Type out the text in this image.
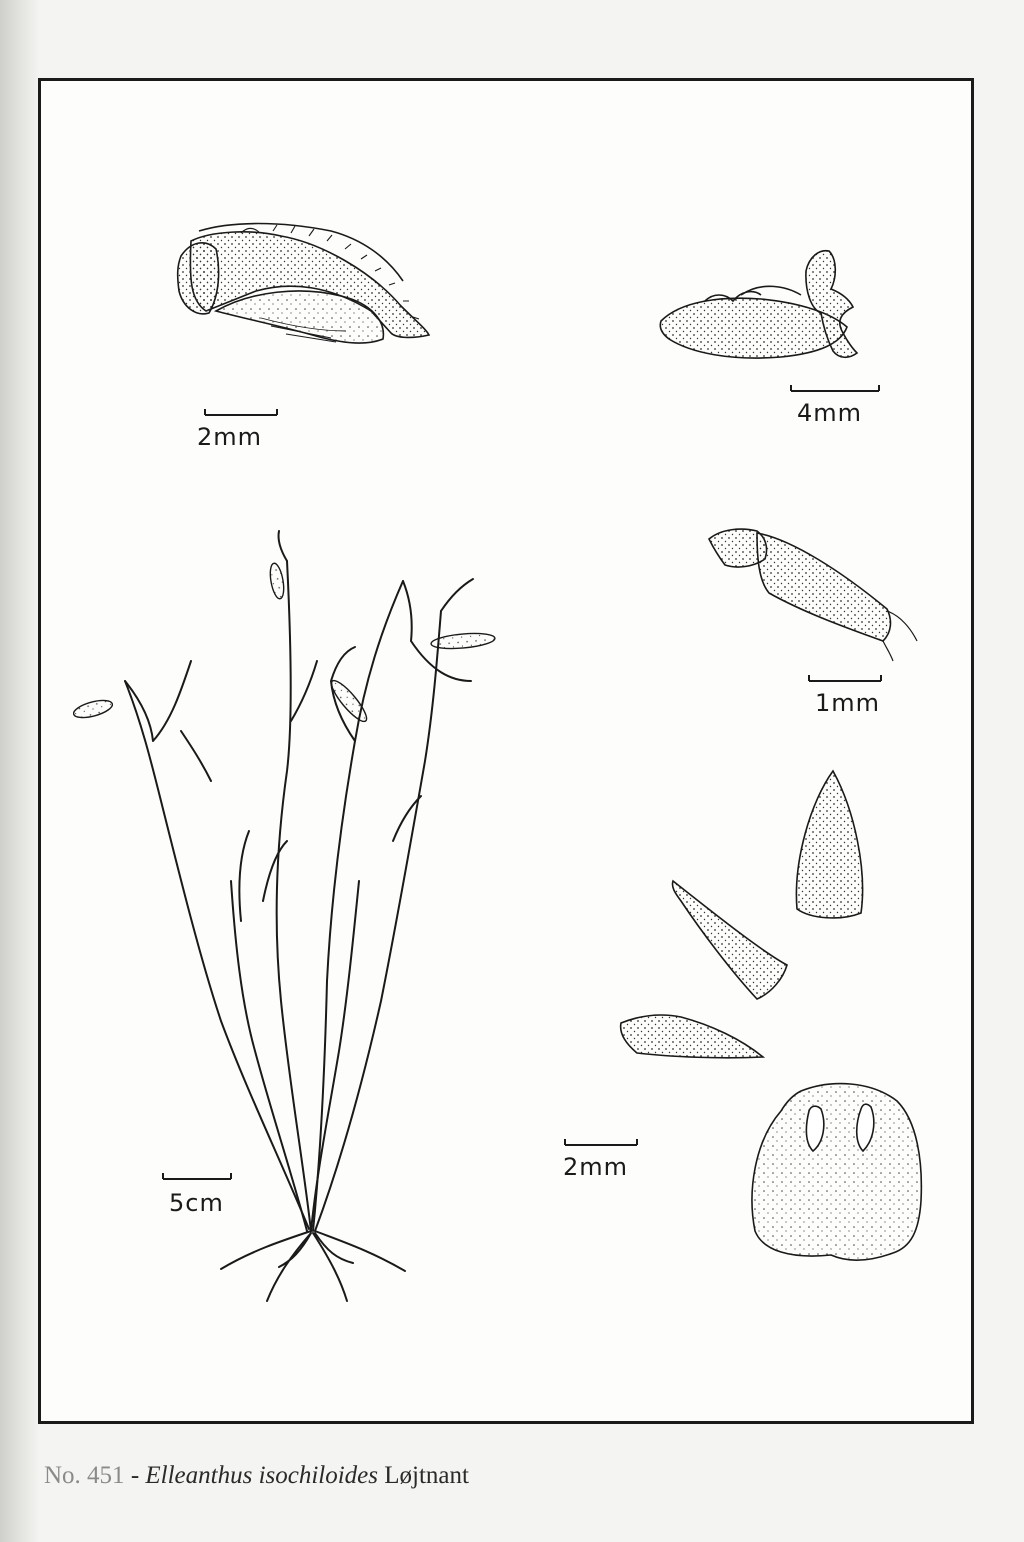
2mm
4mm
1mm
2mm
5cm
No. 451 - Elleanthus isochiloides Løjtnant
